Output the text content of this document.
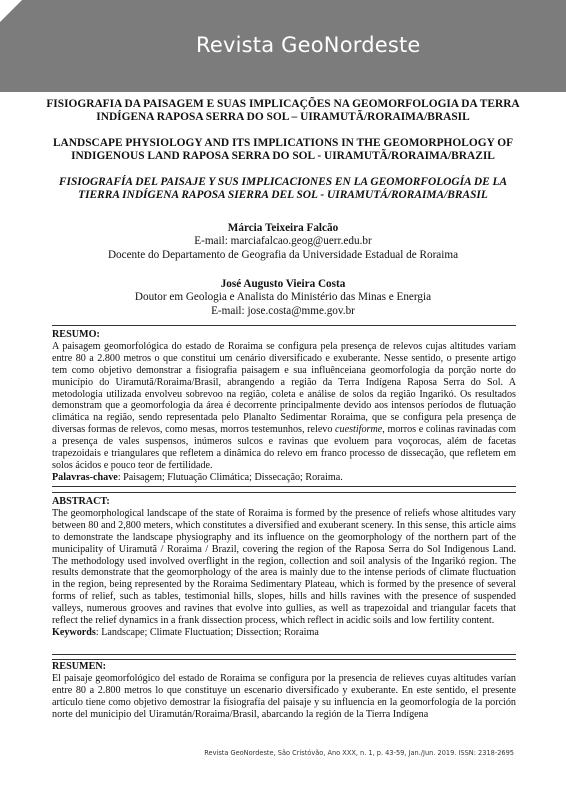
Revista GeoNordeste

FISIOGRAFIA DA PAISAGEM E SUAS IMPLICAÇÕES NA GEOMORFOLOGIA DA TERRA INDÍGENA RAPOSA SERRA DO SOL – UIRAMUTÃ/RORAIMA/BRASIL

LANDSCAPE PHYSIOLOGY AND ITS IMPLICATIONS IN THE GEOMORPHOLOGY OF INDIGENOUS LAND RAPOSA SERRA DO SOL - UIRAMUTÃ/RORAIMA/BRAZIL

FISIOGRAFÍA DEL PAISAJE Y SUS IMPLICACIONES EN LA GEOMORFOLOGÍA DE LA TIERRA INDÍGENA RAPOSA SIERRA DEL SOL - UIRAMUTÁ/RORAIMA/BRASIL

Márcia Teixeira Falcão
E-mail: marciafalcao.geog@uerr.edu.br
Docente do Departamento de Geografia da Universidade Estadual de Roraima
José Augusto Vieira Costa
Doutor em Geologia e Analista do Ministério das Minas e Energia
E-mail: jose.costa@mme.gov.br
RESUMO:
A paisagem geomorfológica do estado de Roraima se configura pela presença de relevos cujas altitudes variam entre 80 a 2.800 metros o que constitui um cenário diversificado e exuberante. Nesse sentido, o presente artigo tem como objetivo demonstrar a fisiografia paisagem e sua influênceiana geomorfologia da porção norte do município do Uiramutã/Roraima/Brasil, abrangendo a região da Terra Indígena Raposa Serra do Sol. A metodologia utilizada envolveu sobrevoo na região, coleta e análise de solos da região Ingarikó. Os resultados demonstram que a geomorfologia da área é decorrente principalmente devido aos intensos períodos de flutuação climática na região, sendo representada pelo Planalto Sedimentar Roraima, que se configura pela presença de diversas formas de relevos, como mesas, morros testemunhos, relevo cuestiforme, morros e colinas ravinadas com a presença de vales suspensos, inúmeros sulcos e ravinas que evoluem para voçorocas, além de facetas trapezoidais e triangulares que refletem a dinâmica do relevo em franco processo de dissecação, que refletem em solos ácidos e pouco teor de fertilidade.
Palavras-chave: Paisagem; Flutuação Climática; Dissecação; Roraima.
ABSTRACT:
The geomorphological landscape of the state of Roraima is formed by the presence of reliefs whose altitudes vary between 80 and 2,800 meters, which constitutes a diversified and exuberant scenery. In this sense, this article aims to demonstrate the landscape physiography and its influence on the geomorphology of the northern part of the municipality of Uiramutã / Roraima / Brazil, covering the region of the Raposa Serra do Sol Indigenous Land. The methodology used involved overflight in the region, collection and soil analysis of the Ingarikó region. The results demonstrate that the geomorphology of the area is mainly due to the intense periods of climate fluctuation in the region, being represented by the Roraima Sedimentary Plateau, which is formed by the presence of several forms of relief, such as tables, testimonial hills, slopes, hills and hills ravines with the presence of suspended valleys, numerous grooves and ravines that evolve into gullies, as well as trapezoidal and triangular facets that reflect the relief dynamics in a frank dissection process, which reflect in acidic soils and low fertility content.
Keywords: Landscape; Climate Fluctuation; Dissection; Roraima
RESUMEN:
El paisaje geomorfológico del estado de Roraima se configura por la presencia de relieves cuyas altitudes varían entre 80 a 2.800 metros lo que constituye un escenario diversificado y exuberante. En este sentido, el presente artículo tiene como objetivo demostrar la fisiografía del paisaje y su influencia en la geomorfología de la porción norte del municipio del Uiramután/Roraima/Brasil, abarcando la región de la Tierra Indígena
Revista GeoNordeste, São Cristóvão, Ano XXX, n. 1, p. 43-59, Jan./Jun. 2019. ISSN: 2318-2695
